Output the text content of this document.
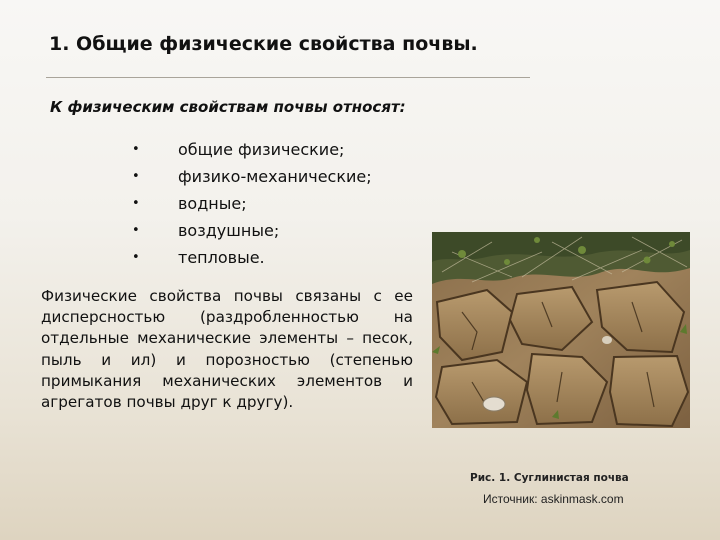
1. Общие физические свойства почвы.
К физическим свойствам почвы относят:
•	общие физические;
•	физико-механические;
•	водные;
•	воздушные;
•	тепловые.

Физические свойства почвы связаны с ее дисперсностью (раздробленностью на отдельные механические элементы – песок, пыль и ил) и порозностью (степенью примыкания механических элементов и агрегатов почвы друг к другу).

Рис. 1. Суглинистая почва
Источник: askinmask.com
